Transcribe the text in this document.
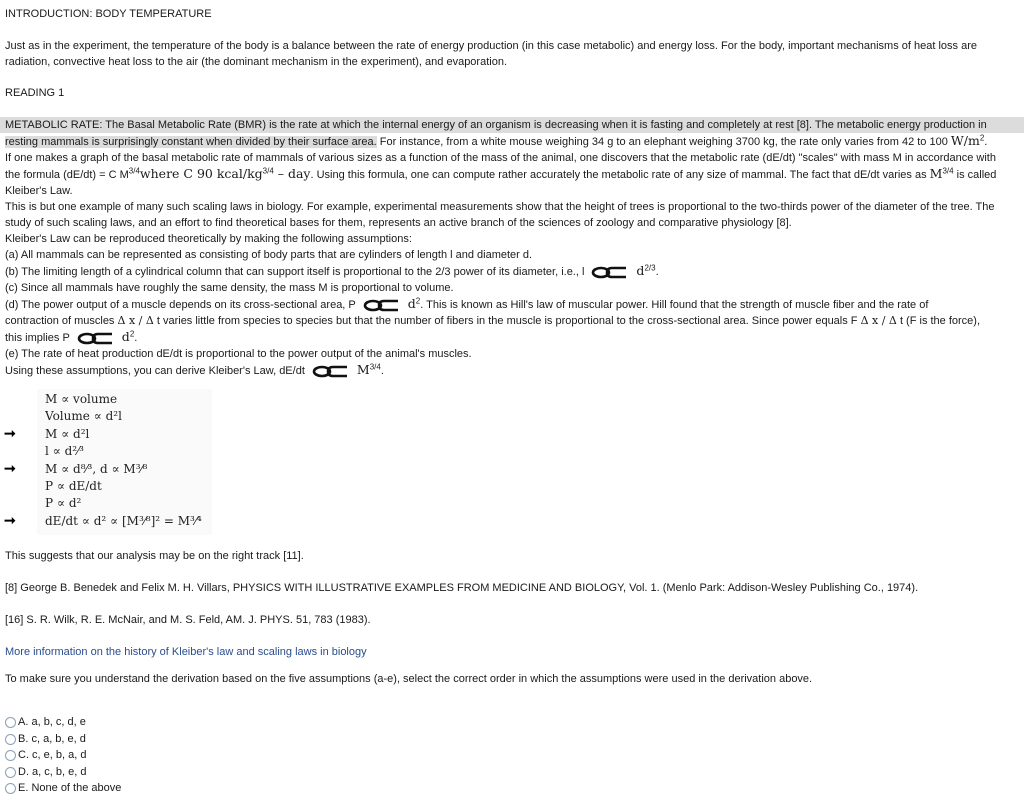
INTRODUCTION: BODY TEMPERATURE
Just as in the experiment, the temperature of the body is a balance between the rate of energy production (in this case metabolic) and energy loss. For the body, important mechanisms of heat loss are
radiation, convective heat loss to the air (the dominant mechanism in the experiment), and evaporation.
READING 1
METABOLIC RATE: The Basal Metabolic Rate (BMR) is the rate at which the internal energy of an organism is decreasing when it is fasting and completely at rest [8]. The metabolic energy production in
resting mammals is surprisingly constant when divided by their surface area. For instance, from a white mouse weighing 34 g to an elephant weighing 3700 kg, the rate only varies from 42 to 100 $W/m^2$.
If one makes a graph of the basal metabolic rate of mammals of various sizes as a function of the mass of the animal, one discovers that the metabolic rate (dE/dt) "scales" with mass M in accordance with
the formula (dE/dt) = C $M^{3/4}where$ C 90 kcal/$kg^{3/4}$ – day. Using this formula, one can compute rather accurately the metabolic rate of any size of mammal. The fact that dE/dt varies as $M^{3/4}$ is called
Kleiber's Law.
This is but one example of many such scaling laws in biology. For example, experimental measurements show that the height of trees is proportional to the two-thirds power of the diameter of the tree. The
study of such scaling laws, and an effort to find theoretical bases for them, represents an active branch of the sciences of zoology and comparative physiology [8].
Kleiber's Law can be reproduced theoretically by making the following assumptions:
(a) All mammals can be represented as consisting of body parts that are cylinders of length l and diameter d.
(b) The limiting length of a cylindrical column that can support itself is proportional to the 2/3 power of its diameter, i.e., l	$d^{2/3}$.
(c) Since all mammals have roughly the same density, the mass M is proportional to volume.
(d) The power output of a muscle depends on its cross-sectional area, P	$d^2$. This is known as Hill's law of muscular power. Hill found that the strength of muscle fiber and the rate of
contraction of muscles Δ x / Δ t varies little from species to species but that the number of fibers in the muscle is proportional to the cross-sectional area. Since power equals F Δ x / Δ t (F is the force),
this implies P	$d^2$.
(e) The rate of heat production dE/dt is proportional to the power output of the animal's muscles.
Using these assumptions, you can derive Kleiber's Law, dE/dt	$M^{3/4}$.
M ∝ volume
Volume ∝ d²l
➞ M ∝ d²l
l ∝ d²⁄³
➞ M ∝ d⁸⁄³, d ∝ M³⁄⁸
P ∝ dE/dt
P ∝ d²
➞ dE/dt ∝ d² ∝ [M³⁄⁸]² = M³⁄⁴
This suggests that our analysis may be on the right track [11].
[8] George B. Benedek and Felix M. H. Villars, PHYSICS WITH ILLUSTRATIVE EXAMPLES FROM MEDICINE AND BIOLOGY, Vol. 1. (Menlo Park: Addison-Wesley Publishing Co., 1974).
[16] S. R. Wilk, R. E. McNair, and M. S. Feld, AM. J. PHYS. 51, 783 (1983).
More information on the history of Kleiber's law and scaling laws in biology
To make sure you understand the derivation based on the five assumptions (a-e), select the correct order in which the assumptions were used in the derivation above.
A. a, b, c, d, e
B. c, a, b, e, d
C. c, e, b, a, d
D. a, c, b, e, d
E. None of the above
